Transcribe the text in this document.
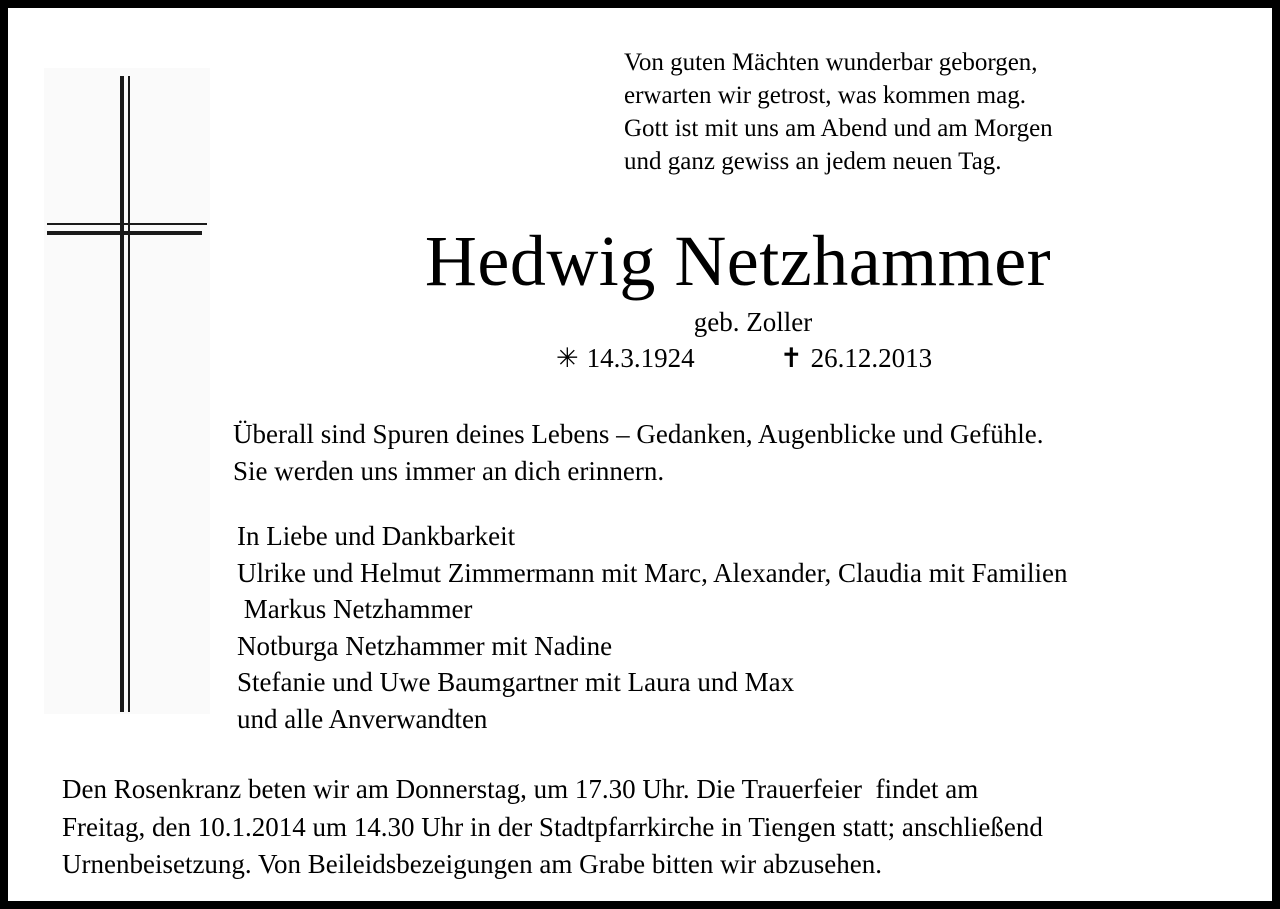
Von guten Mächten wunderbar geborgen,
erwarten wir getrost, was kommen mag.
Gott ist mit uns am Abend und am Morgen
und ganz gewiss an jedem neuen Tag.
Hedwig Netzhammer
geb. Zoller
✳ 14.3.1924	✝ 26.12.2013
Überall sind Spuren deines Lebens – Gedanken, Augenblicke und Gefühle.
Sie werden uns immer an dich erinnern.
In Liebe und Dankbarkeit
Ulrike und Helmut Zimmermann mit Marc, Alexander, Claudia mit Familien
Markus Netzhammer
Notburga Netzhammer mit Nadine
Stefanie und Uwe Baumgartner mit Laura und Max
und alle Anverwandten
Den Rosenkranz beten wir am Donnerstag, um 17.30 Uhr. Die Trauerfeier  findet am
Freitag, den 10.1.2014 um 14.30 Uhr in der Stadtpfarrkirche in Tiengen statt; anschließend
Urnenbeisetzung. Von Beileidsbezeigungen am Grabe bitten wir abzusehen.
